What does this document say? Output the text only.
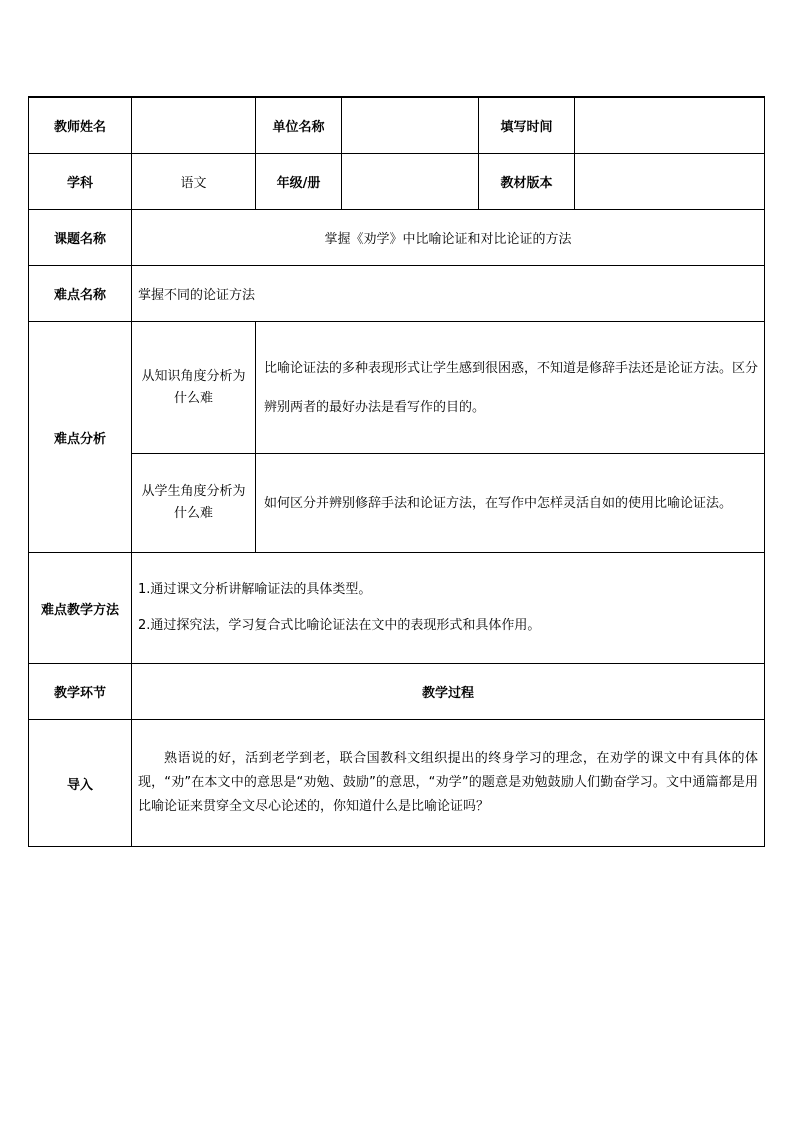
教师姓名		单位名称		填写时间	
学科	语文	年级/册		教材版本	
课题名称	掌握《劝学》中比喻论证和对比论证的方法				
难点名称	掌握不同的论证方法				
难点分析	从知识角度分析为什么难	比喻论证法的多种表现形式让学生感到很困惑，不知道是修辞手法还是论证方法。区分辨别两者的最好办法是看写作的目的。			
	从学生角度分析为什么难	如何区分并辨别修辞手法和论证方法，在写作中怎样灵活自如的使用比喻论证法。			
难点教学方法	1.通过课文分析讲解喻证法的具体类型。

2.通过探究法，学习复合式比喻论证法在文中的表现形式和具体作用。				

教学环节	教学过程				
导入	熟语说的好，活到老学到老，联合国教科文组织提出的终身学习的理念，在劝学的课文中有具体的体现，“劝”在本文中的意思是“劝勉、鼓励”的意思，“劝学”的题意是劝勉鼓励人们勤奋学习。文中通篇都是用比喻论证来贯穿全文尽心论述的，你知道什么是比喻论证吗？				
